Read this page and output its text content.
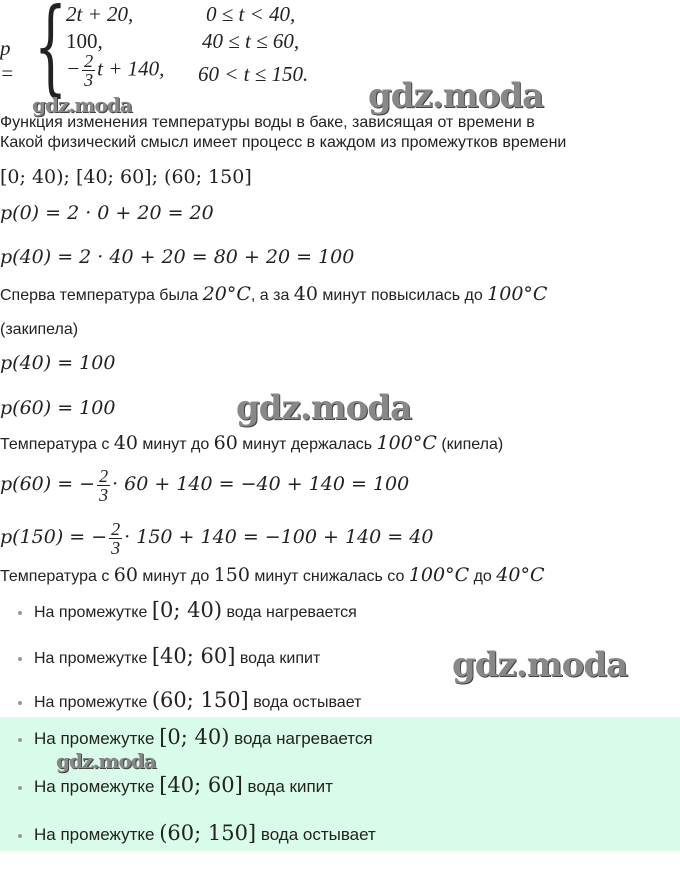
p = {
2t + 20,	0 ≤ t < 40,
100,	40 ≤ t ≤ 60,
− $\frac{2}{3}$ t + 140, 60 < t ≤ 150.
gdz.moda	gdz.moda
Функция изменения температуры воды в баке, зависящая от времени в
Какой физический смысл имеет процесс в каждом из промежутков времени
[0; 40); [40; 60]; (60; 150]
p(0) = 2 · 0 + 20 = 20
p(40) = 2 · 40 + 20 = 80 + 20 = 100
Сперва температура была 20°C, а за 40 минут повысилась до 100°C
(закипела)
p(40) = 100
p(60) = 100	gdz.moda
Температура с 40 минут до 60 минут держалась 100°C (кипела)
p(60) = − $\frac{2}{3} \cdot 60 + 140 = -40 + 140 = 100$
p(150) = − $\frac{2}{3} \cdot 150 + 140 = -100 + 140 = 40$
Температура с 60 минут до 150 минут снижалась со 100°C до 40°C
На промежутке [0; 40) вода нагревается
На промежутке [40; 60] вода кипит
На промежутке (60; 150] вода остывает
gdz.moda
На промежутке [0; 40) вода нагревается
gdz.moda
На промежутке [40; 60] вода кипит
На промежутке (60; 150] вода остывает
